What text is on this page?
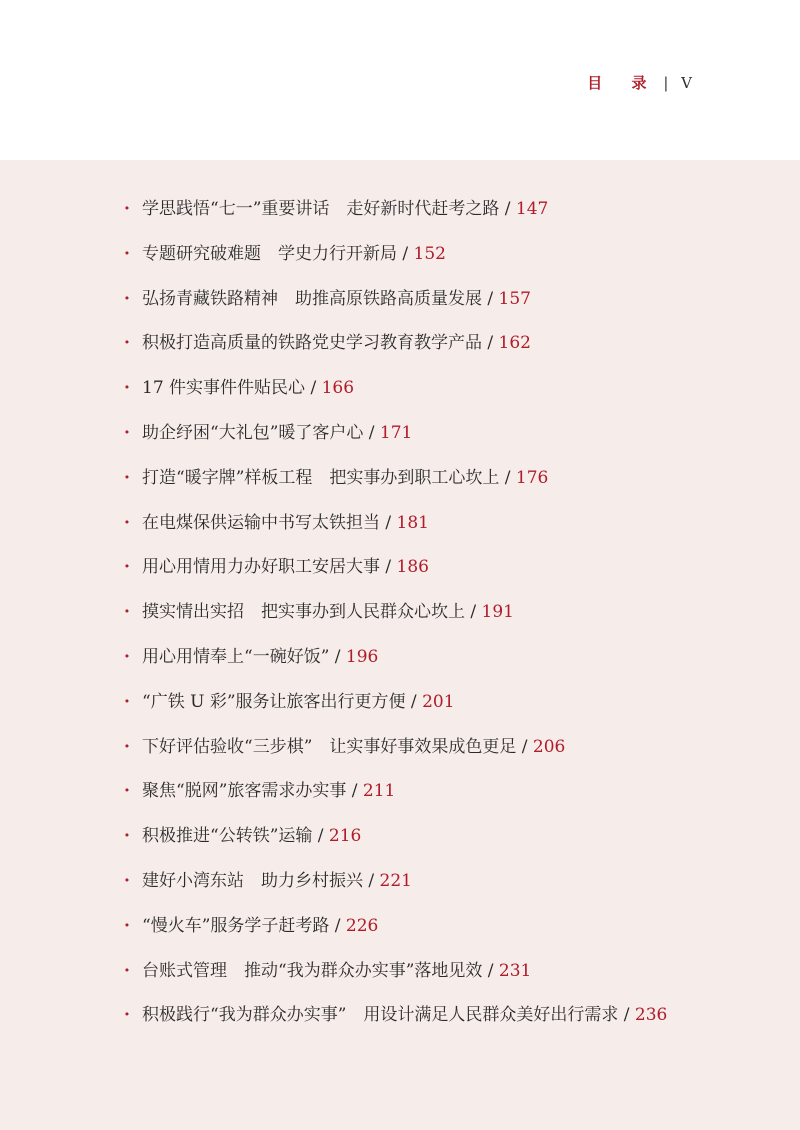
目 录 | V
· 学思践悟“七一”重要讲话　走好新时代赶考之路 / 147
· 专题研究破难题　学史力行开新局 / 152
· 弘扬青藏铁路精神　助推高原铁路高质量发展 / 157
· 积极打造高质量的铁路党史学习教育教学产品 / 162
· 17 件实事件件贴民心 / 166
· 助企纾困“大礼包”暖了客户心 / 171
· 打造“暖字牌”样板工程　把实事办到职工心坎上 / 176
· 在电煤保供运输中书写太铁担当 / 181
· 用心用情用力办好职工安居大事 / 186
· 摸实情出实招　把实事办到人民群众心坎上 / 191
· 用心用情奉上“一碗好饭” / 196
· “广铁 U 彩”服务让旅客出行更方便 / 201
· 下好评估验收“三步棋”　让实事好事效果成色更足 / 206
· 聚焦“脱网”旅客需求办实事 / 211
· 积极推进“公转铁”运输 / 216
· 建好小湾东站　助力乡村振兴 / 221
· “慢火车”服务学子赶考路 / 226
· 台账式管理　推动“我为群众办实事”落地见效 / 231
· 积极践行“我为群众办实事”　用设计满足人民群众美好出行需求 / 236
